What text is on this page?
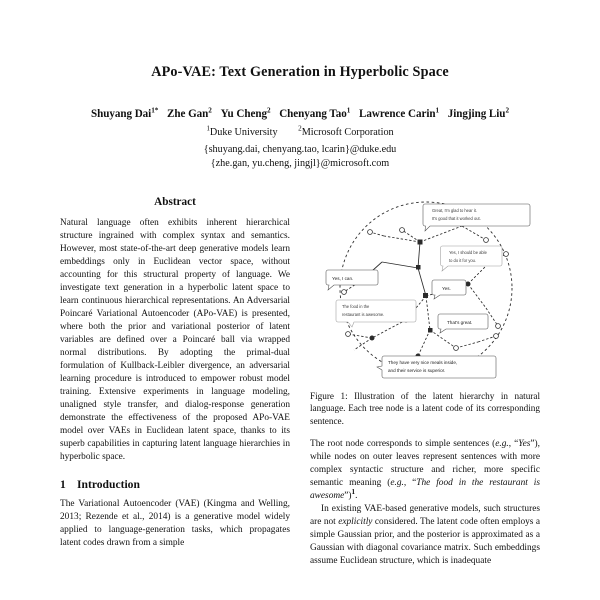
APo-VAE: Text Generation in Hyperbolic Space
Shuyang Dai$^{1*}$ Zhe Gan$^2$ Yu Cheng$^2$ Chenyang Tao$^1$ Lawrence Carin$^1$ Jingjing Liu$^2$
$^1$Duke University	$^2$Microsoft Corporation
{shuyang.dai, chenyang.tao, lcarin}@duke.edu
{zhe.gan, yu.cheng, jingjl}@microsoft.com
Abstract

Natural language often exhibits inherent hierarchical structure ingrained with complex syntax and semantics. However, most state-of-the-art deep generative models learn embeddings only in Euclidean vector space, without accounting for this structural property of language. We investigate text generation in a hyperbolic latent space to learn continuous hierarchical representations. An Adversarial Poincaré Variational Autoencoder (APo-VAE) is presented, where both the prior and variational posterior of latent variables are defined over a Poincaré ball via wrapped normal distributions. By adopting the primal-dual formulation of Kullback-Leibler divergence, an adversarial learning procedure is introduced to empower robust model training. Extensive experiments in language modeling, unaligned style transfer, and dialog-response generation demonstrate the effectiveness of the proposed APo-VAE model over VAEs in Euclidean latent space, thanks to its superb capabilities in capturing latent language hierarchies in hyperbolic space.

1 Introduction

The Variational Autoencoder (VAE) (Kingma and Welling, 2013; Rezende et al., 2014) is a generative model widely applied to language-generation tasks, which propagates latent codes drawn from a simple

Great, I'm glad to hear it.
It's good that it worked out.
Yes, I should be able
to do it for you.
Yes, I can.
Yes.
The food in the
restaurant is awesome.
That's great.
They have very nice meals inside,
and their service is superior.
Figure 1: Illustration of the latent hierarchy in natural language. Each tree node is a latent code of its corresponding sentence.

The root node corresponds to simple sentences (e.g., “Yes”), while nodes on outer leaves represent sentences with more complex syntactic structure and richer, more specific semantic meaning (e.g., “The food in the restaurant is awesome”)$^1$.

In existing VAE-based generative models, such structures are not explicitly considered. The latent code often employs a simple Gaussian prior, and the posterior is approximated as a Gaussian with diagonal covariance matrix. Such embeddings assume Euclidean structure, which is inadequate
